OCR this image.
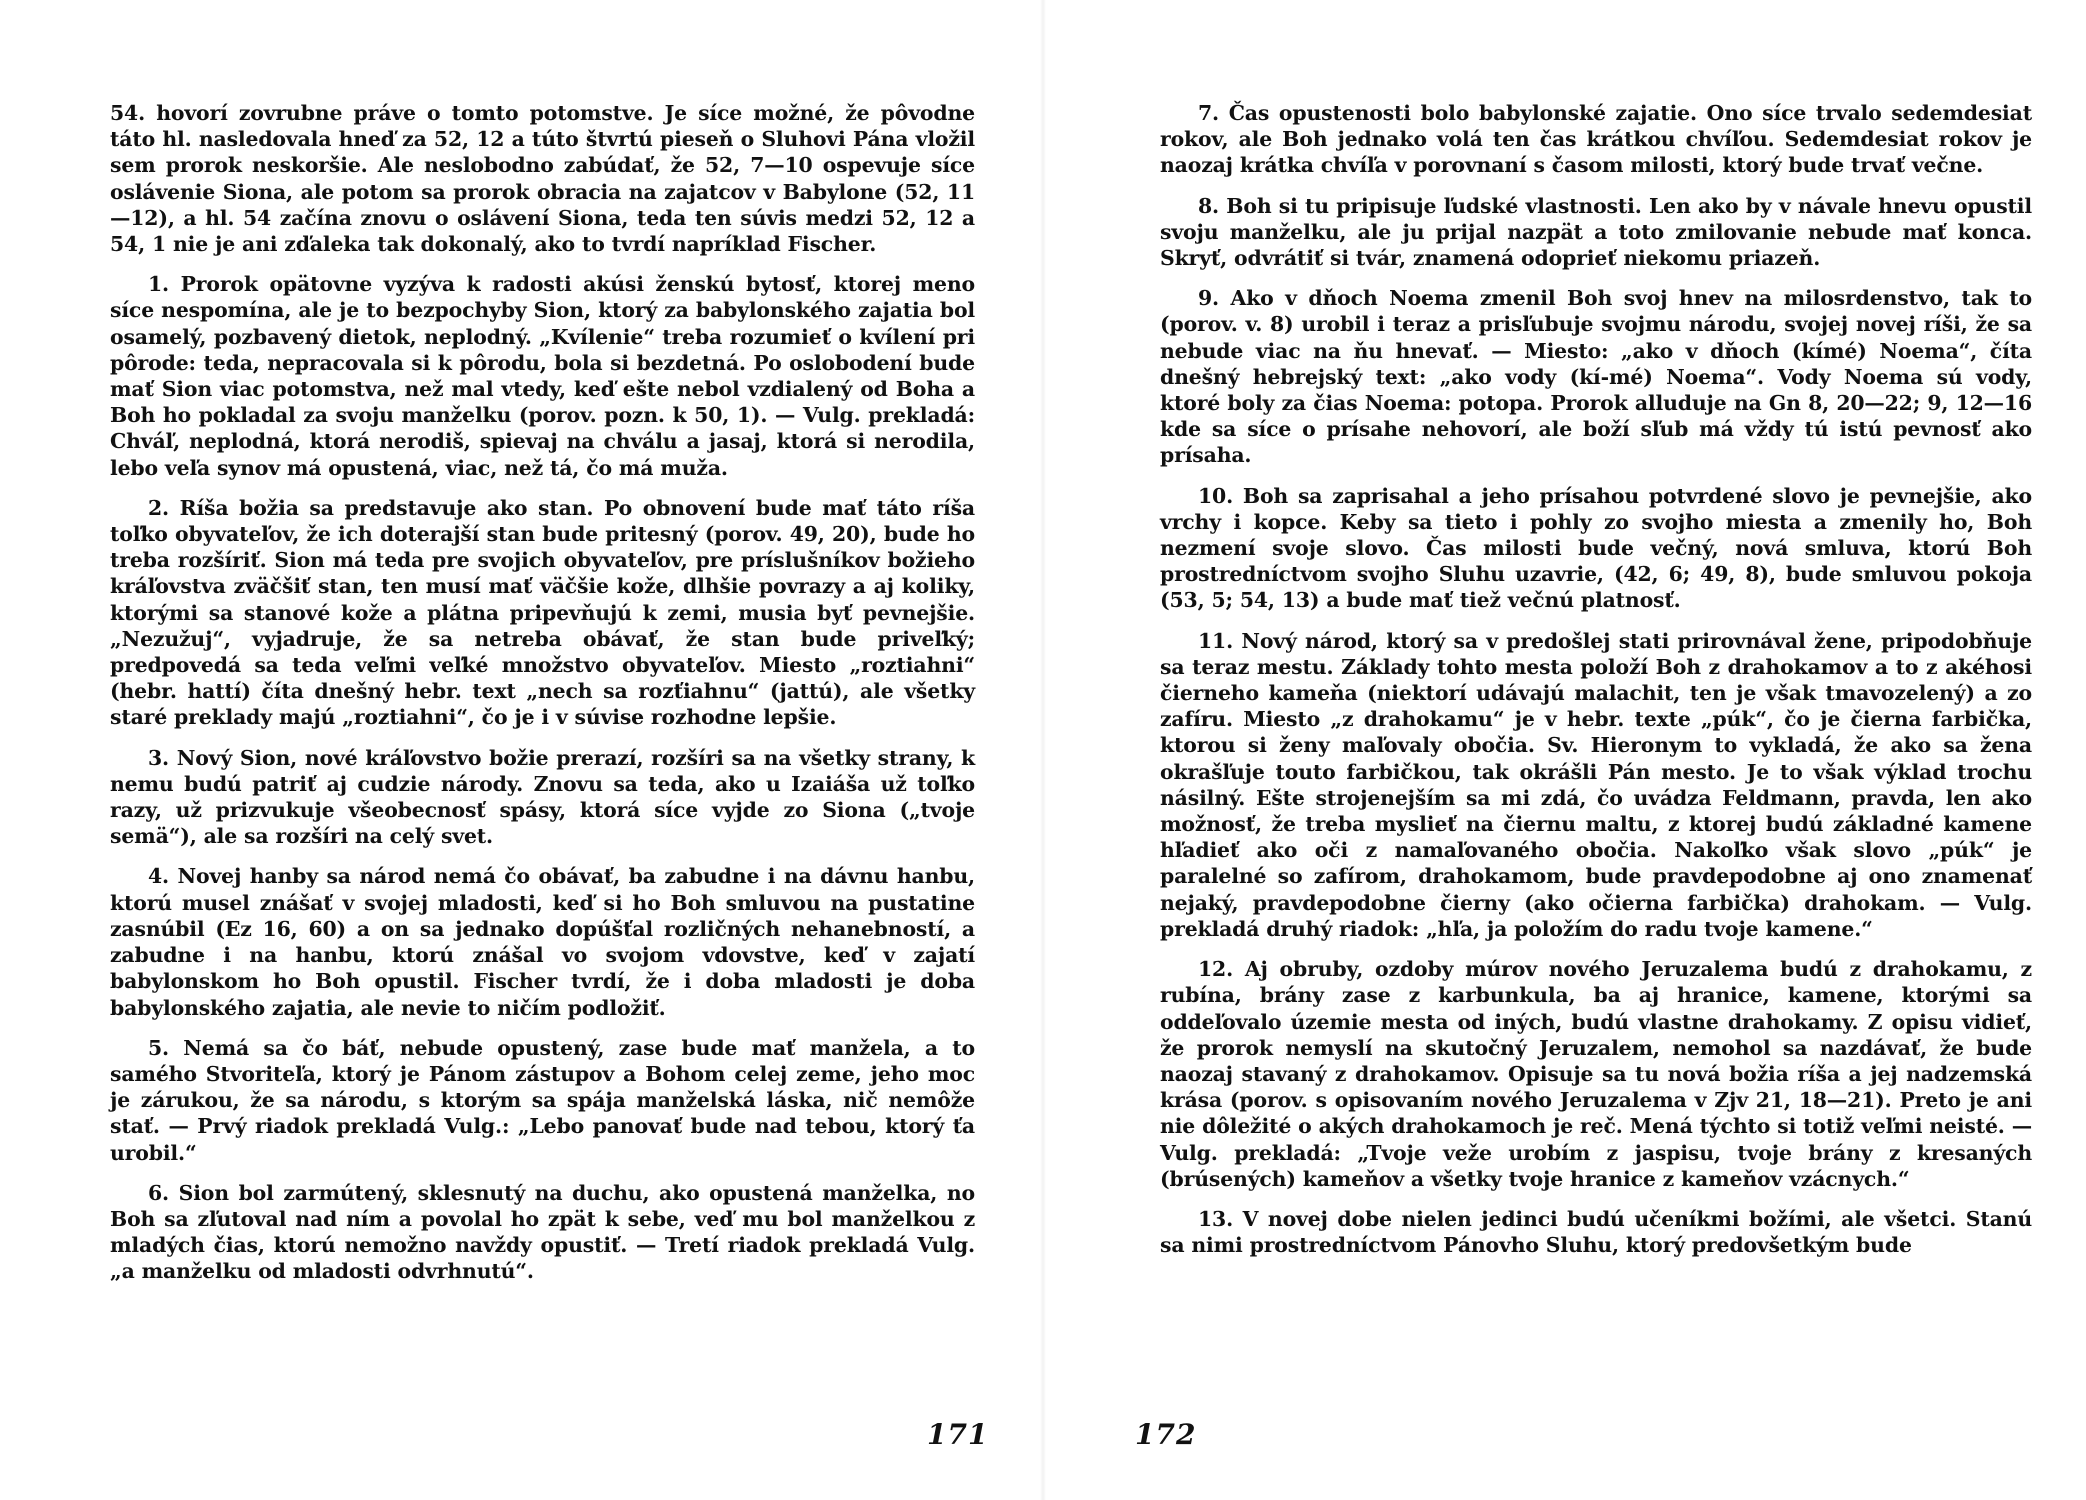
54. hovorí zovrubne práve o tomto potomstve. Je síce možné, že pôvodne táto hl. nasledovala hneď za 52, 12 a túto štvrtú pieseň o Sluhovi Pána vložil sem prorok neskoršie. Ale neslobodno zabúdať, že 52, 7—10 ospevuje síce oslávenie Siona, ale potom sa prorok obracia na zajatcov v Babylone (52, 11—12), a hl. 54 začína znovu o oslávení Siona, teda ten súvis medzi 52, 12 a 54, 1 nie je ani zďaleka tak dokonalý, ako to tvrdí napríklad Fischer.

1. Prorok opätovne vyzýva k radosti akúsi ženskú bytosť, ktorej meno síce nespomína, ale je to bezpochyby Sion, ktorý za babylonského zajatia bol osamelý, pozbavený dietok, neplodný. „Kvílenie“ treba rozumieť o kvílení pri pôrode: teda, nepracovala si k pôrodu, bola si bezdetná. Po oslobodení bude mať Sion viac potomstva, než mal vtedy, keď ešte nebol vzdialený od Boha a Boh ho pokladal za svoju manželku (porov. pozn. k 50, 1). — Vulg. prekladá: Chváľ, neplodná, ktorá nerodiš, spievaj na chválu a jasaj, ktorá si nerodila, lebo veľa synov má opustená, viac, než tá, čo má muža.

2. Ríša božia sa predstavuje ako stan. Po obnovení bude mať táto ríša toľko obyvateľov, že ich doterajší stan bude pritesný (porov. 49, 20), bude ho treba rozšíriť. Sion má teda pre svojich obyvateľov, pre príslušníkov božieho kráľovstva zväčšiť stan, ten musí mať väčšie kože, dlhšie povrazy a aj koliky, ktorými sa stanové kože a plátna pripevňujú k zemi, musia byť pevnejšie. „Nezužuj“, vyjadruje, že sa netreba obávať, že stan bude priveľký; predpovedá sa teda veľmi veľké množstvo obyvateľov. Miesto „roztiahni“ (hebr. hattí) číta dnešný hebr. text „nech sa rozťiahnu“ (jattú), ale všetky staré preklady majú „roztiahni“, čo je i v súvise rozhodne lepšie.

3. Nový Sion, nové kráľovstvo božie prerazí, rozšíri sa na všetky strany, k nemu budú patriť aj cudzie národy. Znovu sa teda, ako u Izaiáša už toľko razy, už prizvukuje všeobecnosť spásy, ktorá síce vyjde zo Siona („tvoje semä“), ale sa rozšíri na celý svet.

4. Novej hanby sa národ nemá čo obávať, ba zabudne i na dávnu hanbu, ktorú musel znášať v svojej mladosti, keď si ho Boh smluvou na pustatine zasnúbil (Ez 16, 60) a on sa jednako dopúšťal rozličných nehanebností, a zabudne i na hanbu, ktorú znášal vo svojom vdovstve, keď v zajatí babylonskom ho Boh opustil. Fischer tvrdí, že i doba mladosti je doba babylonského zajatia, ale nevie to ničím podložiť.

5. Nemá sa čo báť, nebude opustený, zase bude mať manžela, a to samého Stvoriteľa, ktorý je Pánom zástupov a Bohom celej zeme, jeho moc je zárukou, že sa národu, s ktorým sa spája manželská láska, nič nemôže stať. — Prvý riadok prekladá Vulg.: „Lebo panovať bude nad tebou, ktorý ťa urobil.“

6. Sion bol zarmútený, sklesnutý na duchu, ako opustená manželka, no Boh sa zľutoval nad ním a povolal ho zpät k sebe, veď mu bol manželkou z mladých čias, ktorú nemožno navždy opustiť. — Tretí riadok prekladá Vulg. „a manželku od mladosti odvrhnutú“.

171

7. Čas opustenosti bolo babylonské zajatie. Ono síce trvalo sedemdesiat rokov, ale Boh jednako volá ten čas krátkou chvíľou. Sedemdesiat rokov je naozaj krátka chvíľa v porovnaní s časom milosti, ktorý bude trvať večne.

8. Boh si tu pripisuje ľudské vlastnosti. Len ako by v návale hnevu opustil svoju manželku, ale ju prijal nazpät a toto zmilovanie nebude mať konca. Skryť, odvrátiť si tvár, znamená odoprieť niekomu priazeň.

9. Ako v dňoch Noema zmenil Boh svoj hnev na milosrdenstvo, tak to (porov. v. 8) urobil i teraz a prisľubuje svojmu národu, svojej novej ríši, že sa nebude viac na ňu hnevať. — Miesto: „ako v dňoch (kímé) Noema“, číta dnešný hebrejský text: „ako vody (kí-mé) Noema“. Vody Noema sú vody, ktoré boly za čias Noema: potopa. Prorok alluduje na Gn 8, 20—22; 9, 12—16 kde sa síce o prísahe nehovorí, ale boží sľub má vždy tú istú pevnosť ako prísaha.

10. Boh sa zaprisahal a jeho prísahou potvrdené slovo je pevnejšie, ako vrchy i kopce. Keby sa tieto i pohly zo svojho miesta a zmenily ho, Boh nezmení svoje slovo. Čas milosti bude večný, nová smluva, ktorú Boh prostredníctvom svojho Sluhu uzavrie, (42, 6; 49, 8), bude smluvou pokoja (53, 5; 54, 13) a bude mať tiež večnú platnosť.

11. Nový národ, ktorý sa v predošlej stati prirovnával žene, pripodobňuje sa teraz mestu. Základy tohto mesta položí Boh z drahokamov a to z akéhosi čierneho kameňa (niektorí udávajú malachit, ten je však tmavozelený) a zo zafíru. Miesto „z drahokamu“ je v hebr. texte „púk“, čo je čierna farbička, ktorou si ženy maľovaly obočia. Sv. Hieronym to vykladá, že ako sa žena okrašľuje touto farbičkou, tak okrášli Pán mesto. Je to však výklad trochu násilný. Ešte strojenejším sa mi zdá, čo uvádza Feldmann, pravda, len ako možnosť, že treba myslieť na čiernu maltu, z ktorej budú základné kamene hľadieť ako oči z namaľovaného obočia. Nakoľko však slovo „púk“ je paralelné so zafírom, drahokamom, bude pravdepodobne aj ono znamenať nejaký, pravdepodobne čierny (ako očierna farbička) drahokam. — Vulg. prekladá druhý riadok: „hľa, ja položím do radu tvoje kamene.“

12. Aj obruby, ozdoby múrov nového Jeruzalema budú z drahokamu, z rubína, brány zase z karbunkula, ba aj hranice, kamene, ktorými sa oddeľovalo územie mesta od iných, budú vlastne drahokamy. Z opisu vidieť, že prorok nemyslí na skutočný Jeruzalem, nemohol sa nazdávať, že bude naozaj stavaný z drahokamov. Opisuje sa tu nová božia ríša a jej nadzemská krása (porov. s opisovaním nového Jeruzalema v Zjv 21, 18—21). Preto je ani nie dôležité o akých drahokamoch je reč. Mená týchto si totiž veľmi neisté. — Vulg. prekladá: „Tvoje veže urobím z jaspisu, tvoje brány z kresaných (brúsených) kameňov a všetky tvoje hranice z kameňov vzácnych.“

13. V novej dobe nielen jedinci budú učeníkmi božími, ale všetci. Stanú sa nimi prostredníctvom Pánovho Sluhu, ktorý predovšetkým bude

172
